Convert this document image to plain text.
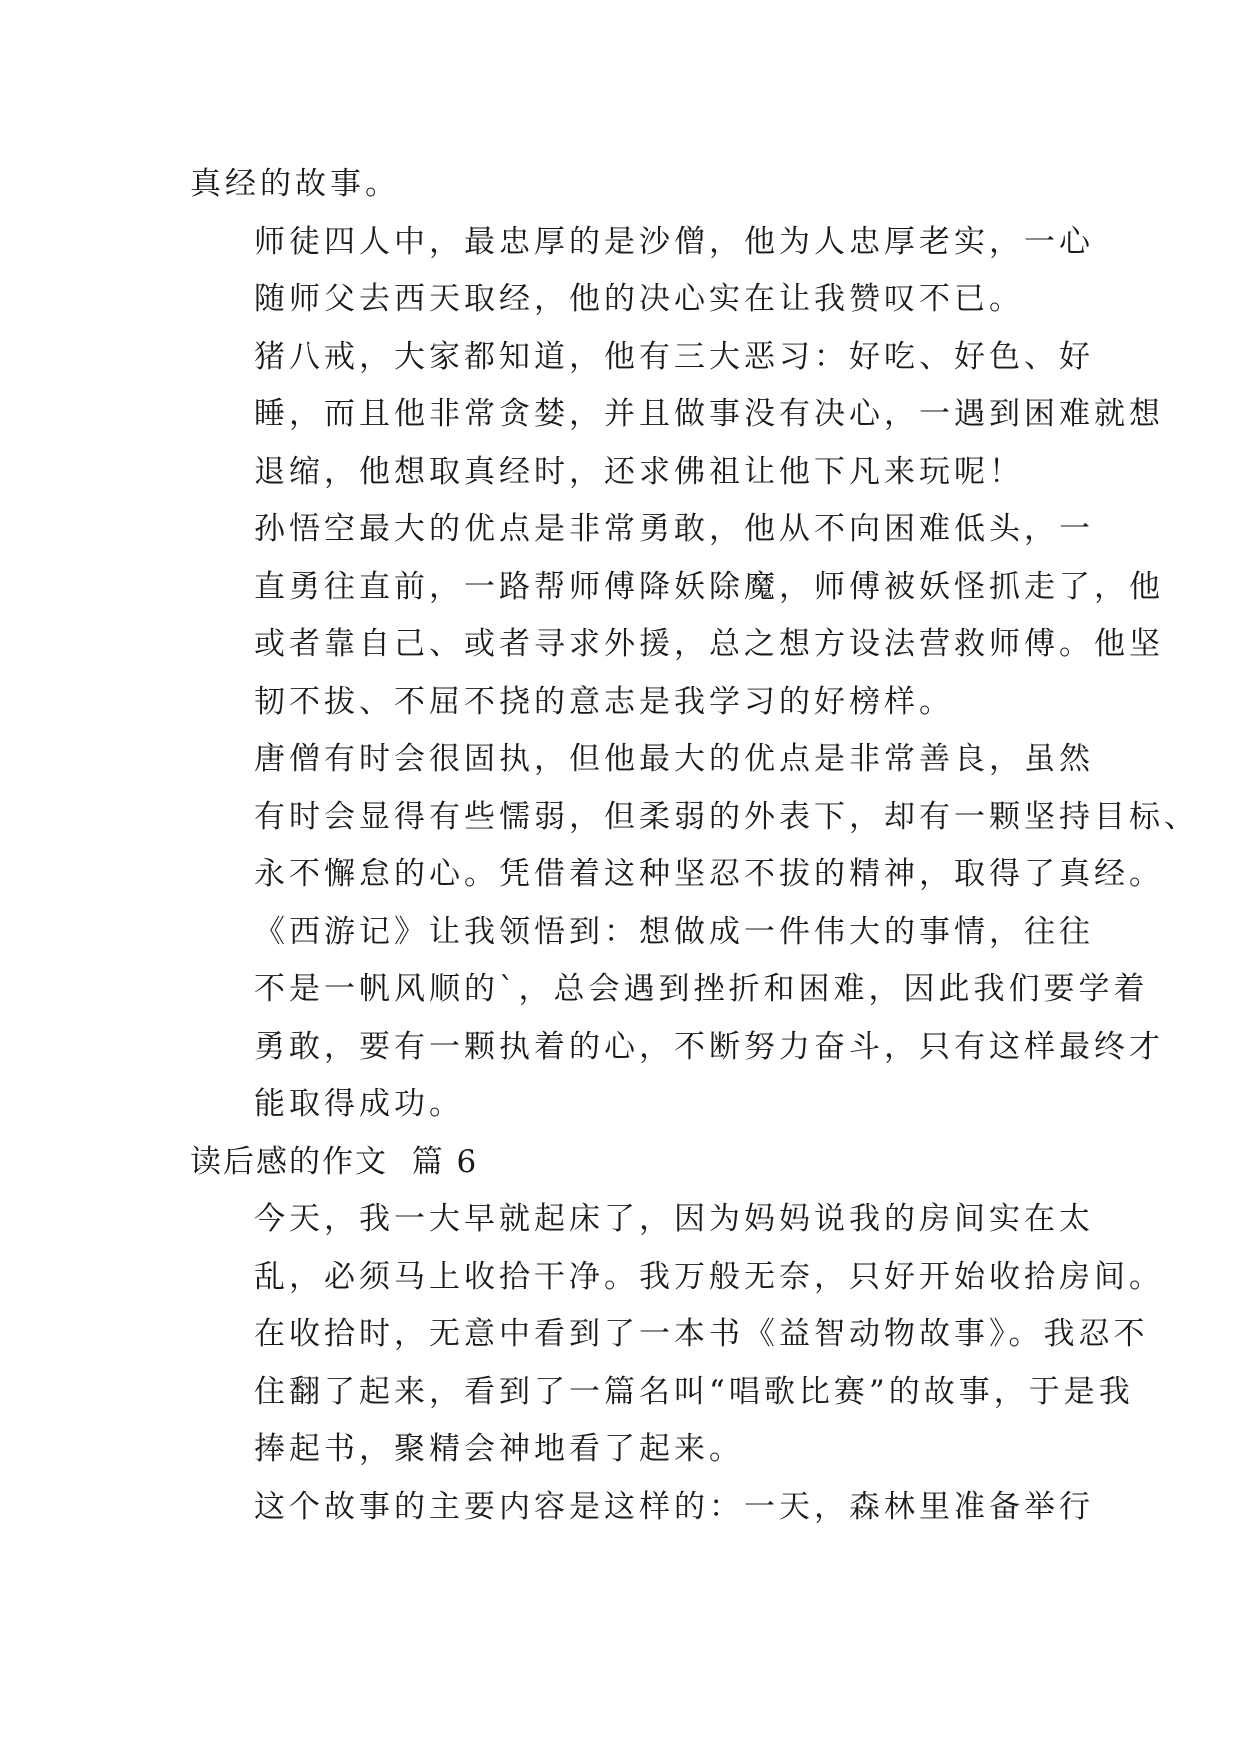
真经的故事。

师徒四人中，最忠厚的是沙僧，他为人忠厚老实，一心
随师父去西天取经，他的决心实在让我赞叹不已。

猪八戒，大家都知道，他有三大恶习：好吃、好色、好
睡，而且他非常贪婪，并且做事没有决心，一遇到困难就想
退缩，他想取真经时，还求佛祖让他下凡来玩呢！

孙悟空最大的优点是非常勇敢，他从不向困难低头，一
直勇往直前，一路帮师傅降妖除魔，师傅被妖怪抓走了，他
或者靠自己、或者寻求外援，总之想方设法营救师傅。他坚
韧不拔、不屈不挠的意志是我学习的好榜样。

唐僧有时会很固执，但他最大的优点是非常善良，虽然
有时会显得有些懦弱，但柔弱的外表下，却有一颗坚持目标、
永不懈怠的心。凭借着这种坚忍不拔的精神，取得了真经。

《西游记》让我领悟到：想做成一件伟大的事情，往往
不是一帆风顺的`，总会遇到挫折和困难，因此我们要学着
勇敢，要有一颗执着的心，不断努力奋斗，只有这样最终才
能取得成功。

读后感的作文  篇 6

今天，我一大早就起床了，因为妈妈说我的房间实在太
乱，必须马上收拾干净。我万般无奈，只好开始收拾房间。
在收拾时，无意中看到了一本书《益智动物故事》。我忍不
住翻了起来，看到了一篇名叫“唱歌比赛”的故事，于是我
捧起书，聚精会神地看了起来。

这个故事的主要内容是这样的：一天，森林里准备举行
